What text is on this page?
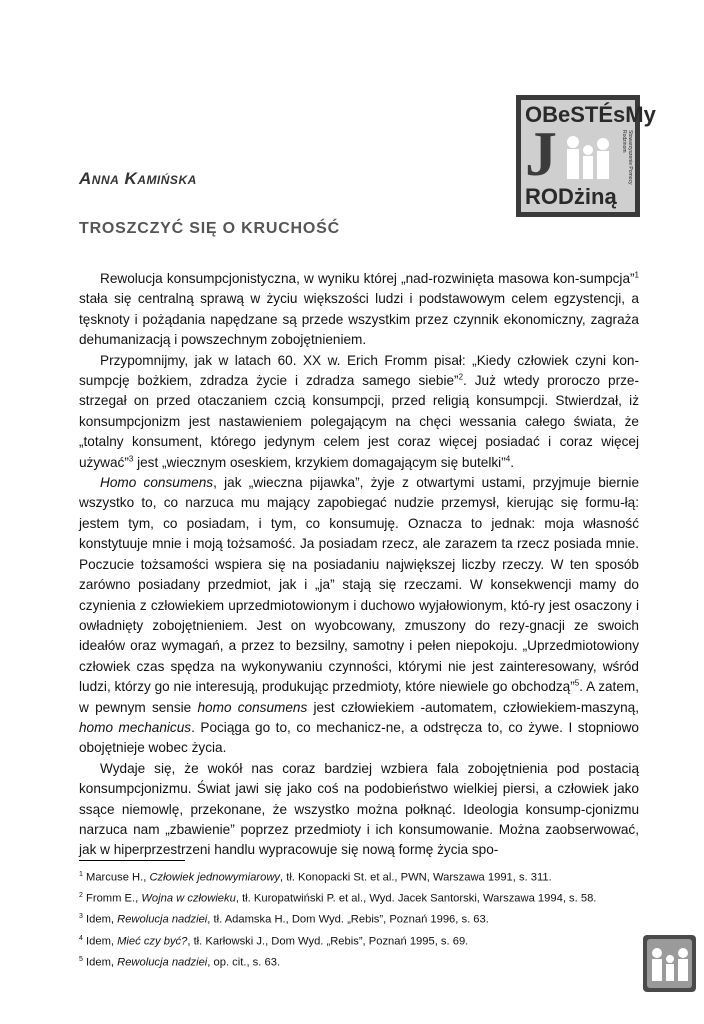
OBeSTÉsMy
J	Stowarzyszenie Pomocy Rodzinom
RODżiną
Anna Kamińska
TROSZCZYĆ SIĘ O KRUCHOŚĆ

Rewolucja konsumpcjonistyczna, w wyniku której „nad-rozwinięta masowa kon-sumpcja”$^1$ stała się centralną sprawą w życiu większości ludzi i podstawowym celem egzystencji, a tęsknoty i pożądania napędzane są przede wszystkim przez czynnik ekonomiczny, zagraża dehumanizacją i powszechnym zobojętnieniem.

Przypomnijmy, jak w latach 60. XX w. Erich Fromm pisał: „Kiedy człowiek czyni kon-sumpcję bożkiem, zdradza życie i zdradza samego siebie”$^2$. Już wtedy proroczo prze-strzegał on przed otaczaniem czcią konsumpcji, przed religią konsumpcji. Stwierdzał, iż konsumpcjonizm jest nastawieniem polegającym na chęci wessania całego świata, że „totalny konsument, którego jedynym celem jest coraz więcej posiadać i coraz więcej używać”$^3$ jest „wiecznym oseskiem, krzykiem domagającym się butelki”$^4$.

Homo consumens, jak „wieczna pijawka”, żyje z otwartymi ustami, przyjmuje biernie wszystko to, co narzuca mu mający zapobiegać nudzie przemysł, kierując się formu-łą: jestem tym, co posiadam, i tym, co konsumuję. Oznacza to jednak: moja własność konstytuuje mnie i moją tożsamość. Ja posiadam rzecz, ale zarazem ta rzecz posiada mnie. Poczucie tożsamości wspiera się na posiadaniu największej liczby rzeczy. W ten sposób zarówno posiadany przedmiot, jak i „ja” stają się rzeczami. W konsekwencji mamy do czynienia z człowiekiem uprzedmiotowionym i duchowo wyjałowionym, któ-ry jest osaczony i owładnięty zobojętnieniem. Jest on wyobcowany, zmuszony do rezy-gnacji ze swoich ideałów oraz wymagań, a przez to bezsilny, samotny i pełen niepokoju. „Uprzedmiotowiony człowiek czas spędza na wykonywaniu czynności, którymi nie jest zainteresowany, wśród ludzi, którzy go nie interesują, produkując przedmioty, które niewiele go obchodzą”$^5$. A zatem, w pewnym sensie homo consumens jest człowiekiem -automatem, człowiekiem-maszyną, homo mechanicus. Pociąga go to, co mechanicz-ne, a odstręcza to, co żywe. I stopniowo obojętnieje wobec życia.

Wydaje się, że wokół nas coraz bardziej wzbiera fala zobojętnienia pod postacią konsumpcjonizmu. Świat jawi się jako coś na podobieństwo wielkiej piersi, a człowiek jako ssące niemowlę, przekonane, że wszystko można połknąć. Ideologia konsump-cjonizmu narzuca nam „zbawienie” poprzez przedmioty i ich konsumowanie. Można zaobserwować, jak w hiperprzestrzeni handlu wypracowuje się nową formę życia spo-

$^1$ Marcuse H., Człowiek jednowymiarowy, tł. Konopacki St. et al., PWN, Warszawa 1991, s. 311.
$^2$ Fromm E., Wojna w człowieku, tł. Kuropatwiński P. et al., Wyd. Jacek Santorski, Warszawa 1994, s. 58.
$^3$ Idem, Rewolucja nadziei, tł. Adamska H., Dom Wyd. „Rebis”, Poznań 1996, s. 63.
$^4$ Idem, Mieć czy być?, tł. Karłowski J., Dom Wyd. „Rebis”, Poznań 1995, s. 69.
$^5$ Idem, Rewolucja nadziei, op. cit., s. 63.
